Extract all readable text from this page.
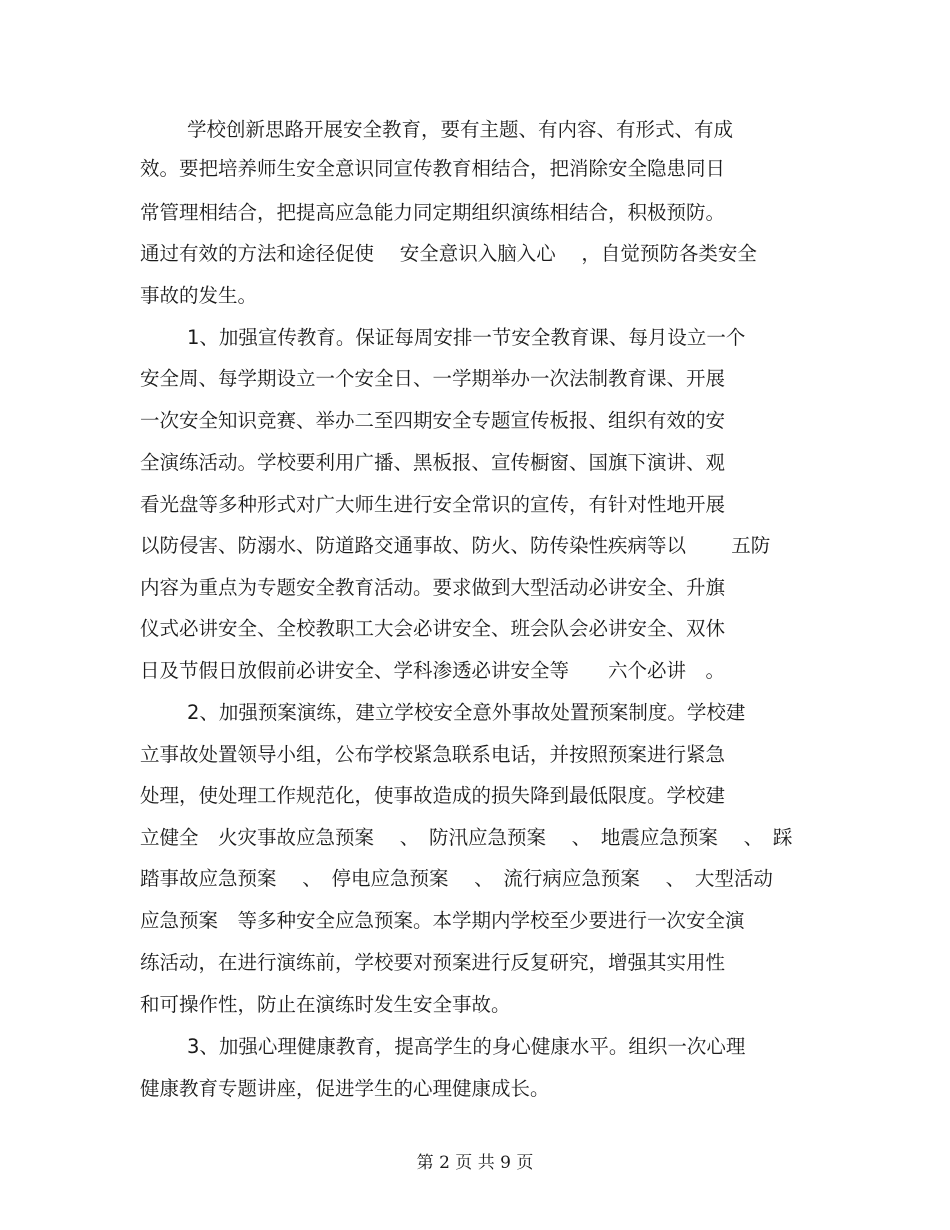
学校创新思路开展安全教育，要有主题、有内容、有形式、有成
效。要把培养师生安全意识同宣传教育相结合，把消除安全隐患同日
常管理相结合，把提高应急能力同定期组织演练相结合，积极预防。
通过有效的方法和途径促使　 安全意识入脑入心　 ，自觉预防各类安全
事故的发生。
1、加强宣传教育。保证每周安排一节安全教育课、每月设立一个
安全周、每学期设立一个安全日、一学期举办一次法制教育课、开展
一次安全知识竞赛、举办二至四期安全专题宣传板报、组织有效的安
全演练活动。学校要利用广播、黑板报、宣传橱窗、国旗下演讲、观
看光盘等多种形式对广大师生进行安全常识的宣传，有针对性地开展
以防侵害、防溺水、防道路交通事故、防火、防传染性疾病等以　　 五防
内容为重点为专题安全教育活动。要求做到大型活动必讲安全、升旗
仪式必讲安全、全校教职工大会必讲安全、班会队会必讲安全、双休
日及节假日放假前必讲安全、学科渗透必讲安全等　　六个必讲　。
2、加强预案演练，建立学校安全意外事故处置预案制度。学校建
立事故处置领导小组，公布学校紧急联系电话，并按照预案进行紧急
处理，使处理工作规范化，使事故造成的损失降到最低限度。学校建
立健全　火灾事故应急预案　 、　防汛应急预案　 、　地震应急预案　 、　踩
踏事故应急预案　 、　停电应急预案　 、　流行病应急预案　 、　大型活动
应急预案　等多种安全应急预案。本学期内学校至少要进行一次安全演
练活动，在进行演练前，学校要对预案进行反复研究，增强其实用性
和可操作性，防止在演练时发生安全事故。
3、加强心理健康教育，提高学生的身心健康水平。组织一次心理
健康教育专题讲座，促进学生的心理健康成长。
第 2 页 共 9 页
